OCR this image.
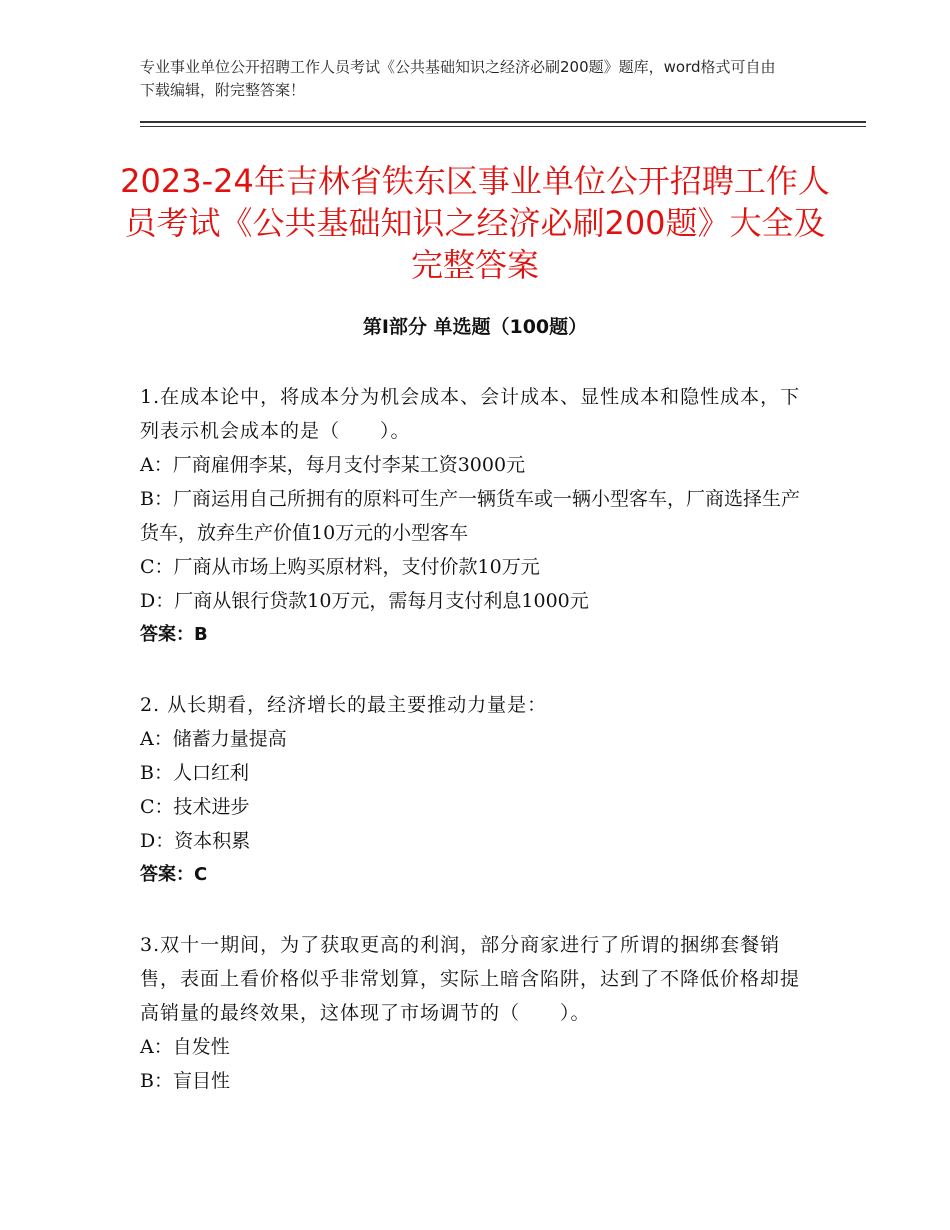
专业事业单位公开招聘工作人员考试《公共基础知识之经济必刷200题》题库，word格式可自由下载编辑，附完整答案！
2023-24年吉林省铁东区事业单位公开招聘工作人员考试《公共基础知识之经济必刷200题》大全及完整答案
第Ⅰ部分 单选题（100题）

1.在成本论中，将成本分为机会成本、会计成本、显性成本和隐性成本，下列表示机会成本的是（　　）。

A：厂商雇佣李某，每月支付李某工资3000元

B：厂商运用自己所拥有的原料可生产一辆货车或一辆小型客车，厂商选择生产货车，放弃生产价值10万元的小型客车

C：厂商从市场上购买原材料，支付价款10万元

D：厂商从银行贷款10万元，需每月支付利息1000元

答案：B

2. 从长期看，经济增长的最主要推动力量是：

A：储蓄力量提高

B：人口红利

C：技术进步

D：资本积累

答案：C

3.双十一期间，为了获取更高的利润，部分商家进行了所谓的捆绑套餐销售，表面上看价格似乎非常划算，实际上暗含陷阱，达到了不降低价格却提高销量的最终效果，这体现了市场调节的（　　）。

A：自发性

B：盲目性
